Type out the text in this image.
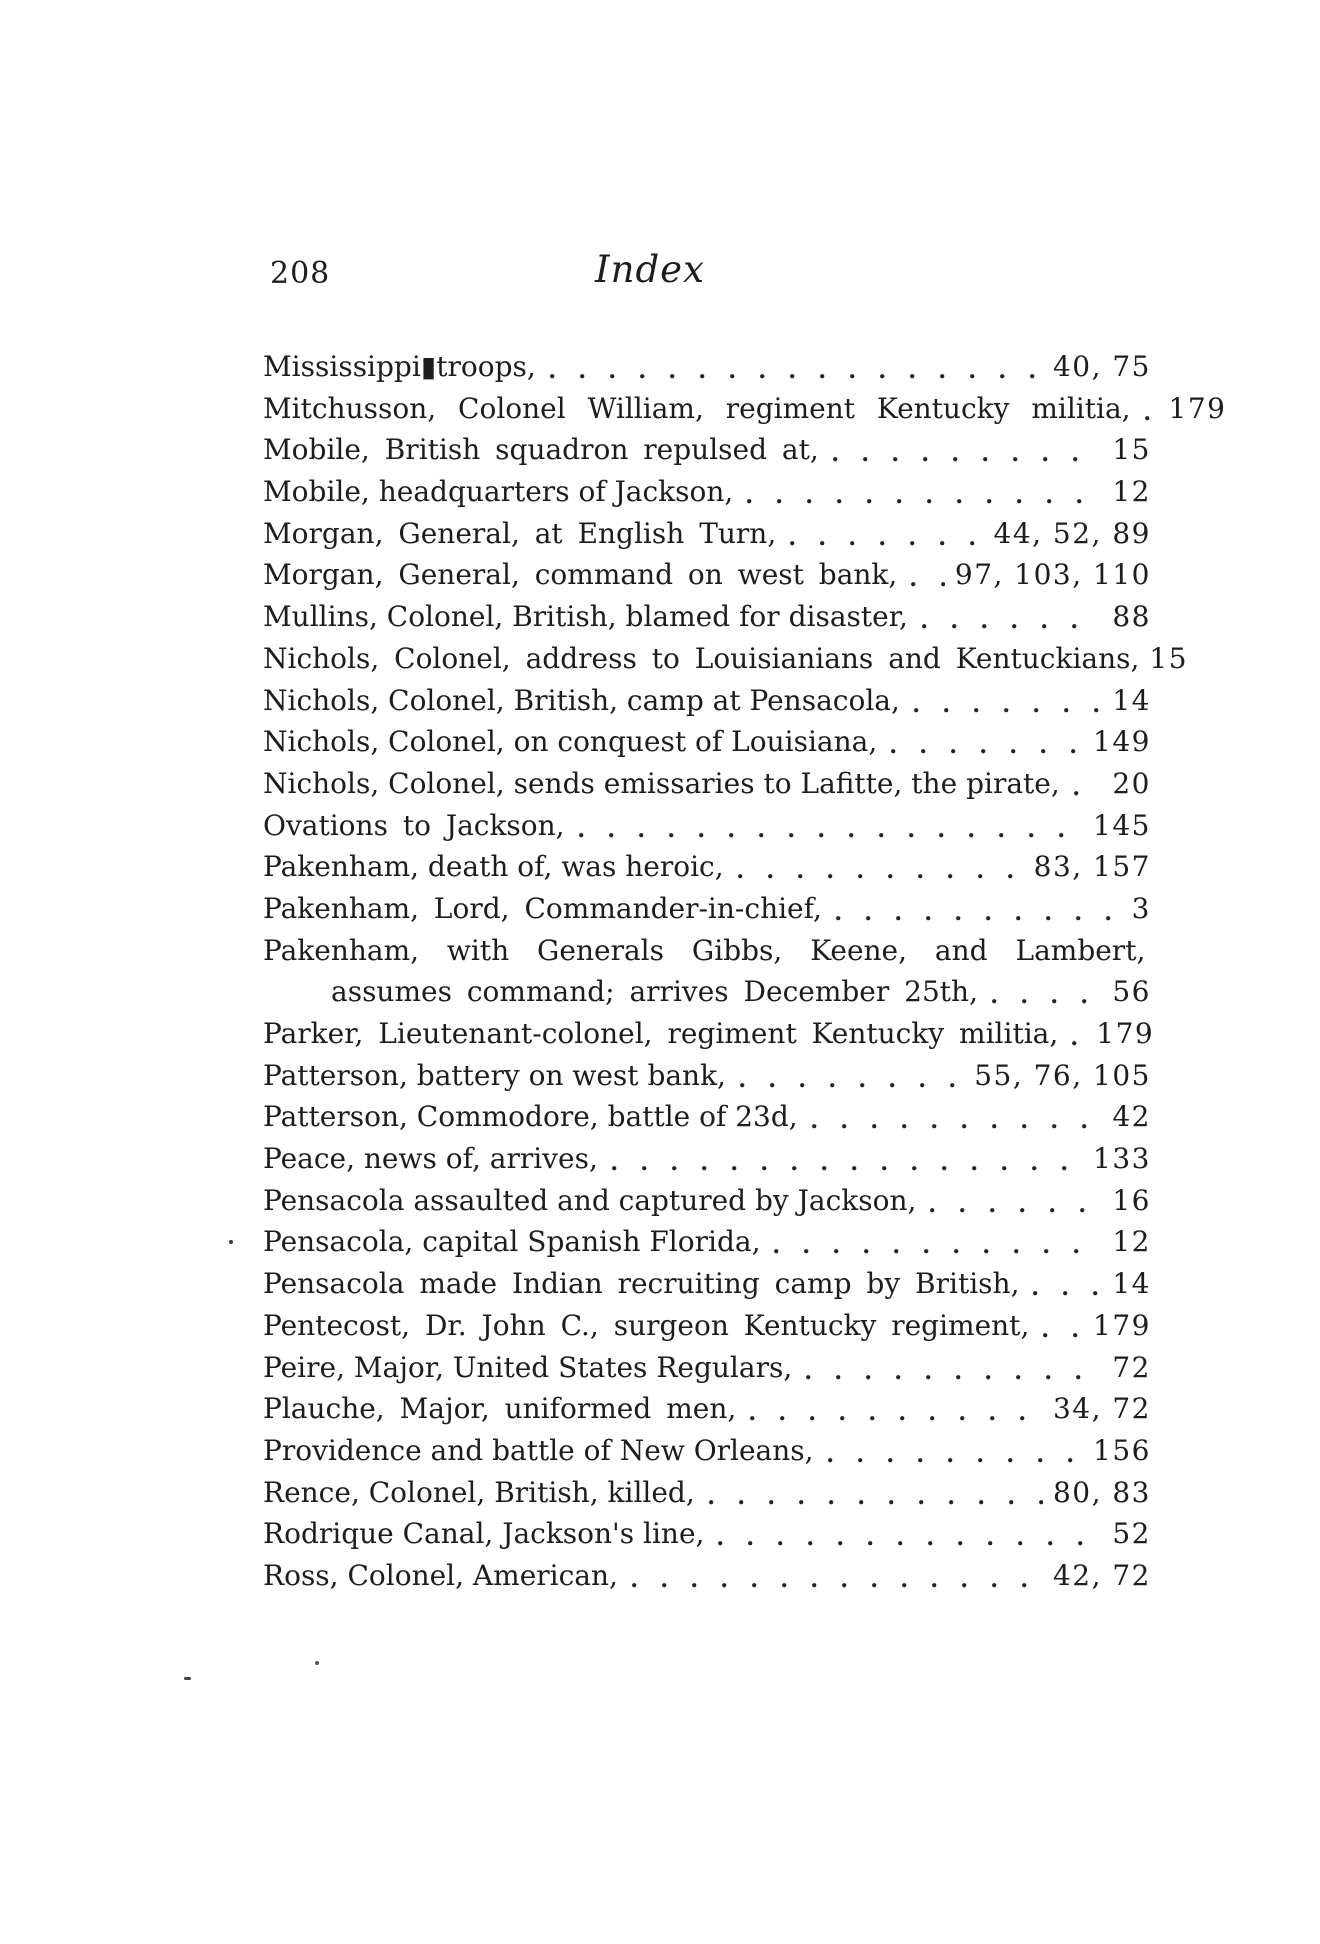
208	Index
Mississippi▮troops,	40, 75
Mitchusson, Colonel William, regiment Kentucky militia, 179
Mobile, British squadron repulsed at,	15
Mobile, headquarters of Jackson,	12
Morgan, General, at English Turn,	44, 52, 89
Morgan, General, command on west bank, 97, 103, 110
Mullins, Colonel, British, blamed for disaster,	88
Nichols, Colonel, address to Louisianians and Kentuckians, 15
Nichols, Colonel, British, camp at Pensacola,	14
Nichols, Colonel, on conquest of Louisiana,	149
Nichols, Colonel, sends emissaries to Lafitte, the pirate, 20
Ovations to Jackson,	145
Pakenham, death of, was heroic,	83, 157
Pakenham, Lord, Commander-in-chief,	3
Pakenham, with Generals Gibbs, Keene, and Lambert,
assumes command; arrives December 25th,	56
Parker, Lieutenant-colonel, regiment Kentucky militia, 179
Patterson, battery on west bank,	55, 76, 105
Patterson, Commodore, battle of 23d,	42
Peace, news of, arrives,	133
Pensacola assaulted and captured by Jackson,	16
Pensacola, capital Spanish Florida,	12
Pensacola made Indian recruiting camp by British,	14
Pentecost, Dr. John C., surgeon Kentucky regiment, 179
Peire, Major, United States Regulars,	72
Plauche, Major, uniformed men,	34, 72
Providence and battle of New Orleans,	156
Rence, Colonel, British, killed,	80, 83
Rodrique Canal, Jackson's line,	52
Ross, Colonel, American,	42, 72
